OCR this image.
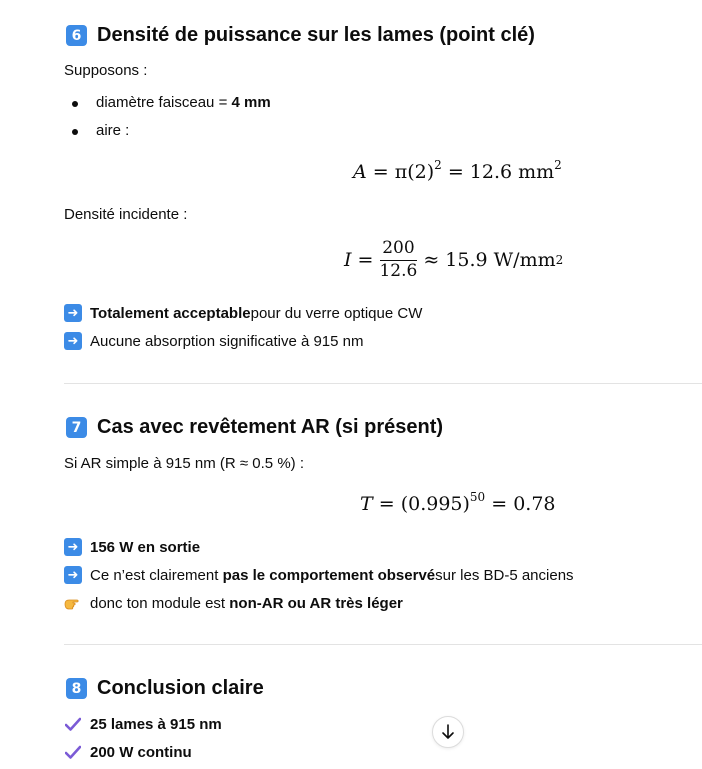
6 Densité de puissance sur les lames (point clé)
Supposons :
diamètre faisceau = 4 mm
aire :
$A = \pi(2)^2 = 12.6$ $mm^2$
Densité incidente :
$I = \frac{200}{12.6} \approx 15.9$ W/mm 2
➜ Totalement acceptable pour du verre optique CW
➜ Aucune absorption significative à 915 nm
7 Cas avec revêtement AR (si présent)
Si AR simple à 915 nm (R ≈ 0.5 %) :
$T = (0.995)^{50} = 0.78$
➜ 156 W en sortie
➜ Ce n’est clairement
pas le comportement observé sur les BD-5 anciens
donc ton module est
non-AR ou AR très léger
8 Conclusion claire
25 lames à 915 nm
200 W continu
